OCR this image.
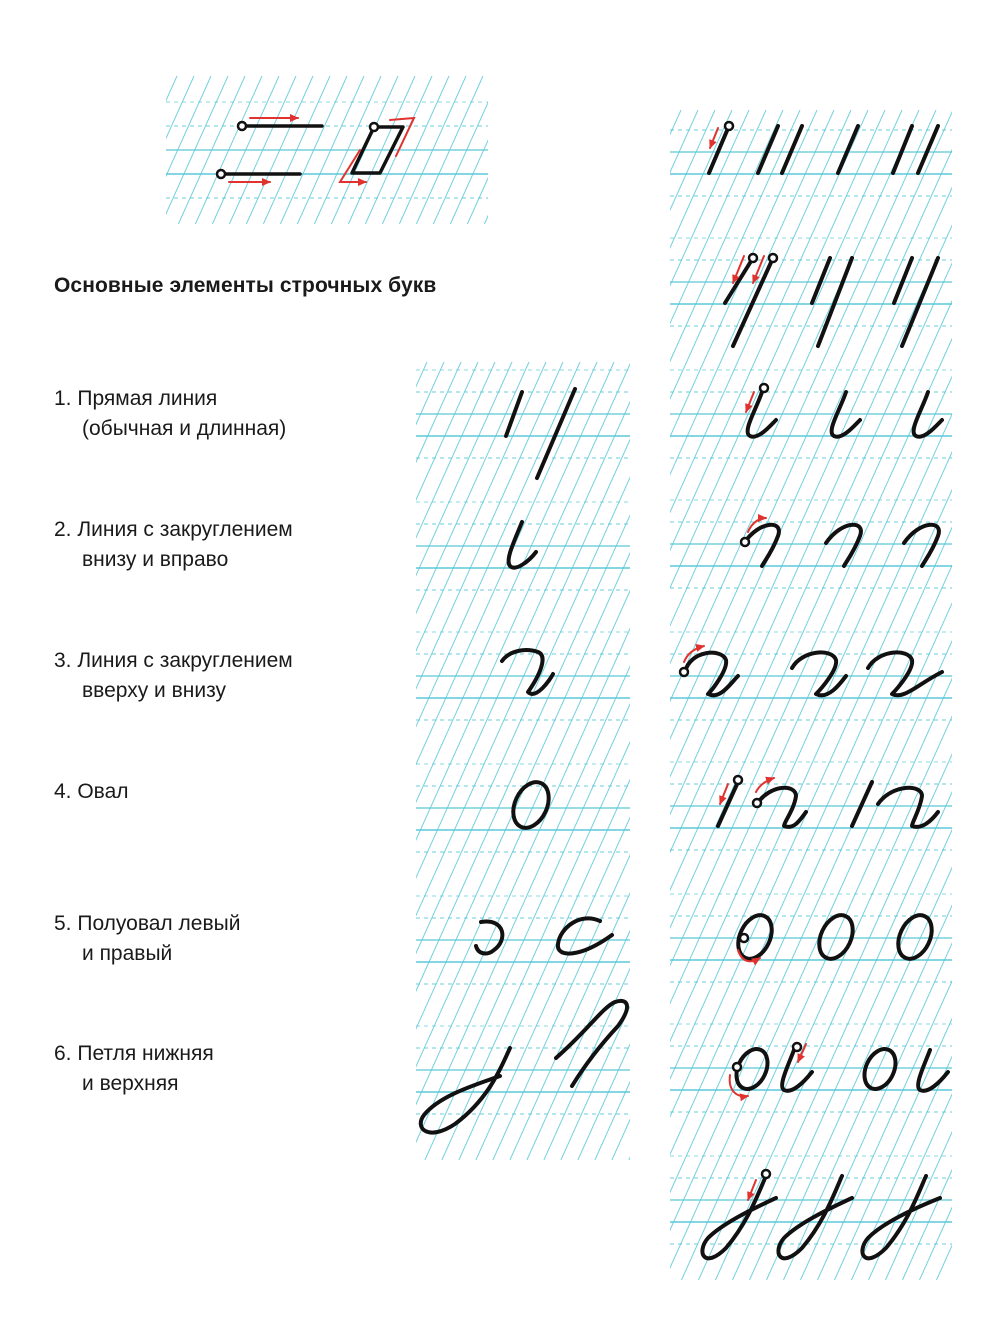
Основные элементы строчных букв
1. Прямая линия
(обычная и длинная)
2. Линия с закруглением
внизу и вправо
3. Линия с закруглением
вверху и внизу
4. Овал
5. Полуовал левый
и правый
6. Петля нижняя
и верхняя
